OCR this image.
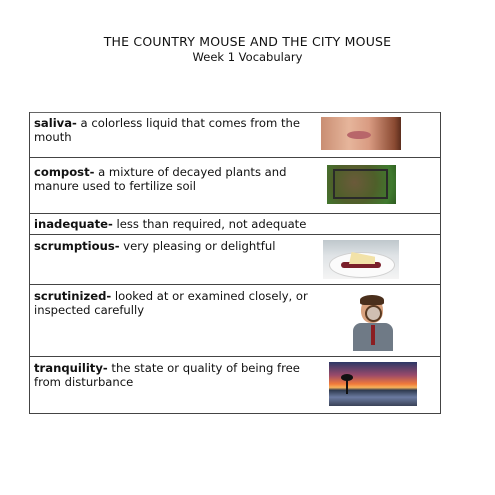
THE COUNTRY MOUSE AND THE CITY MOUSE
Week 1 Vocabulary
saliva- a colorless liquid that comes from the mouth
compost- a mixture of decayed plants and manure used to fertilize soil
inadequate- less than required, not adequate
scrumptious- very pleasing or delightful
scrutinized- looked at or examined closely, or inspected carefully
tranquility- the state or quality of being free from disturbance
